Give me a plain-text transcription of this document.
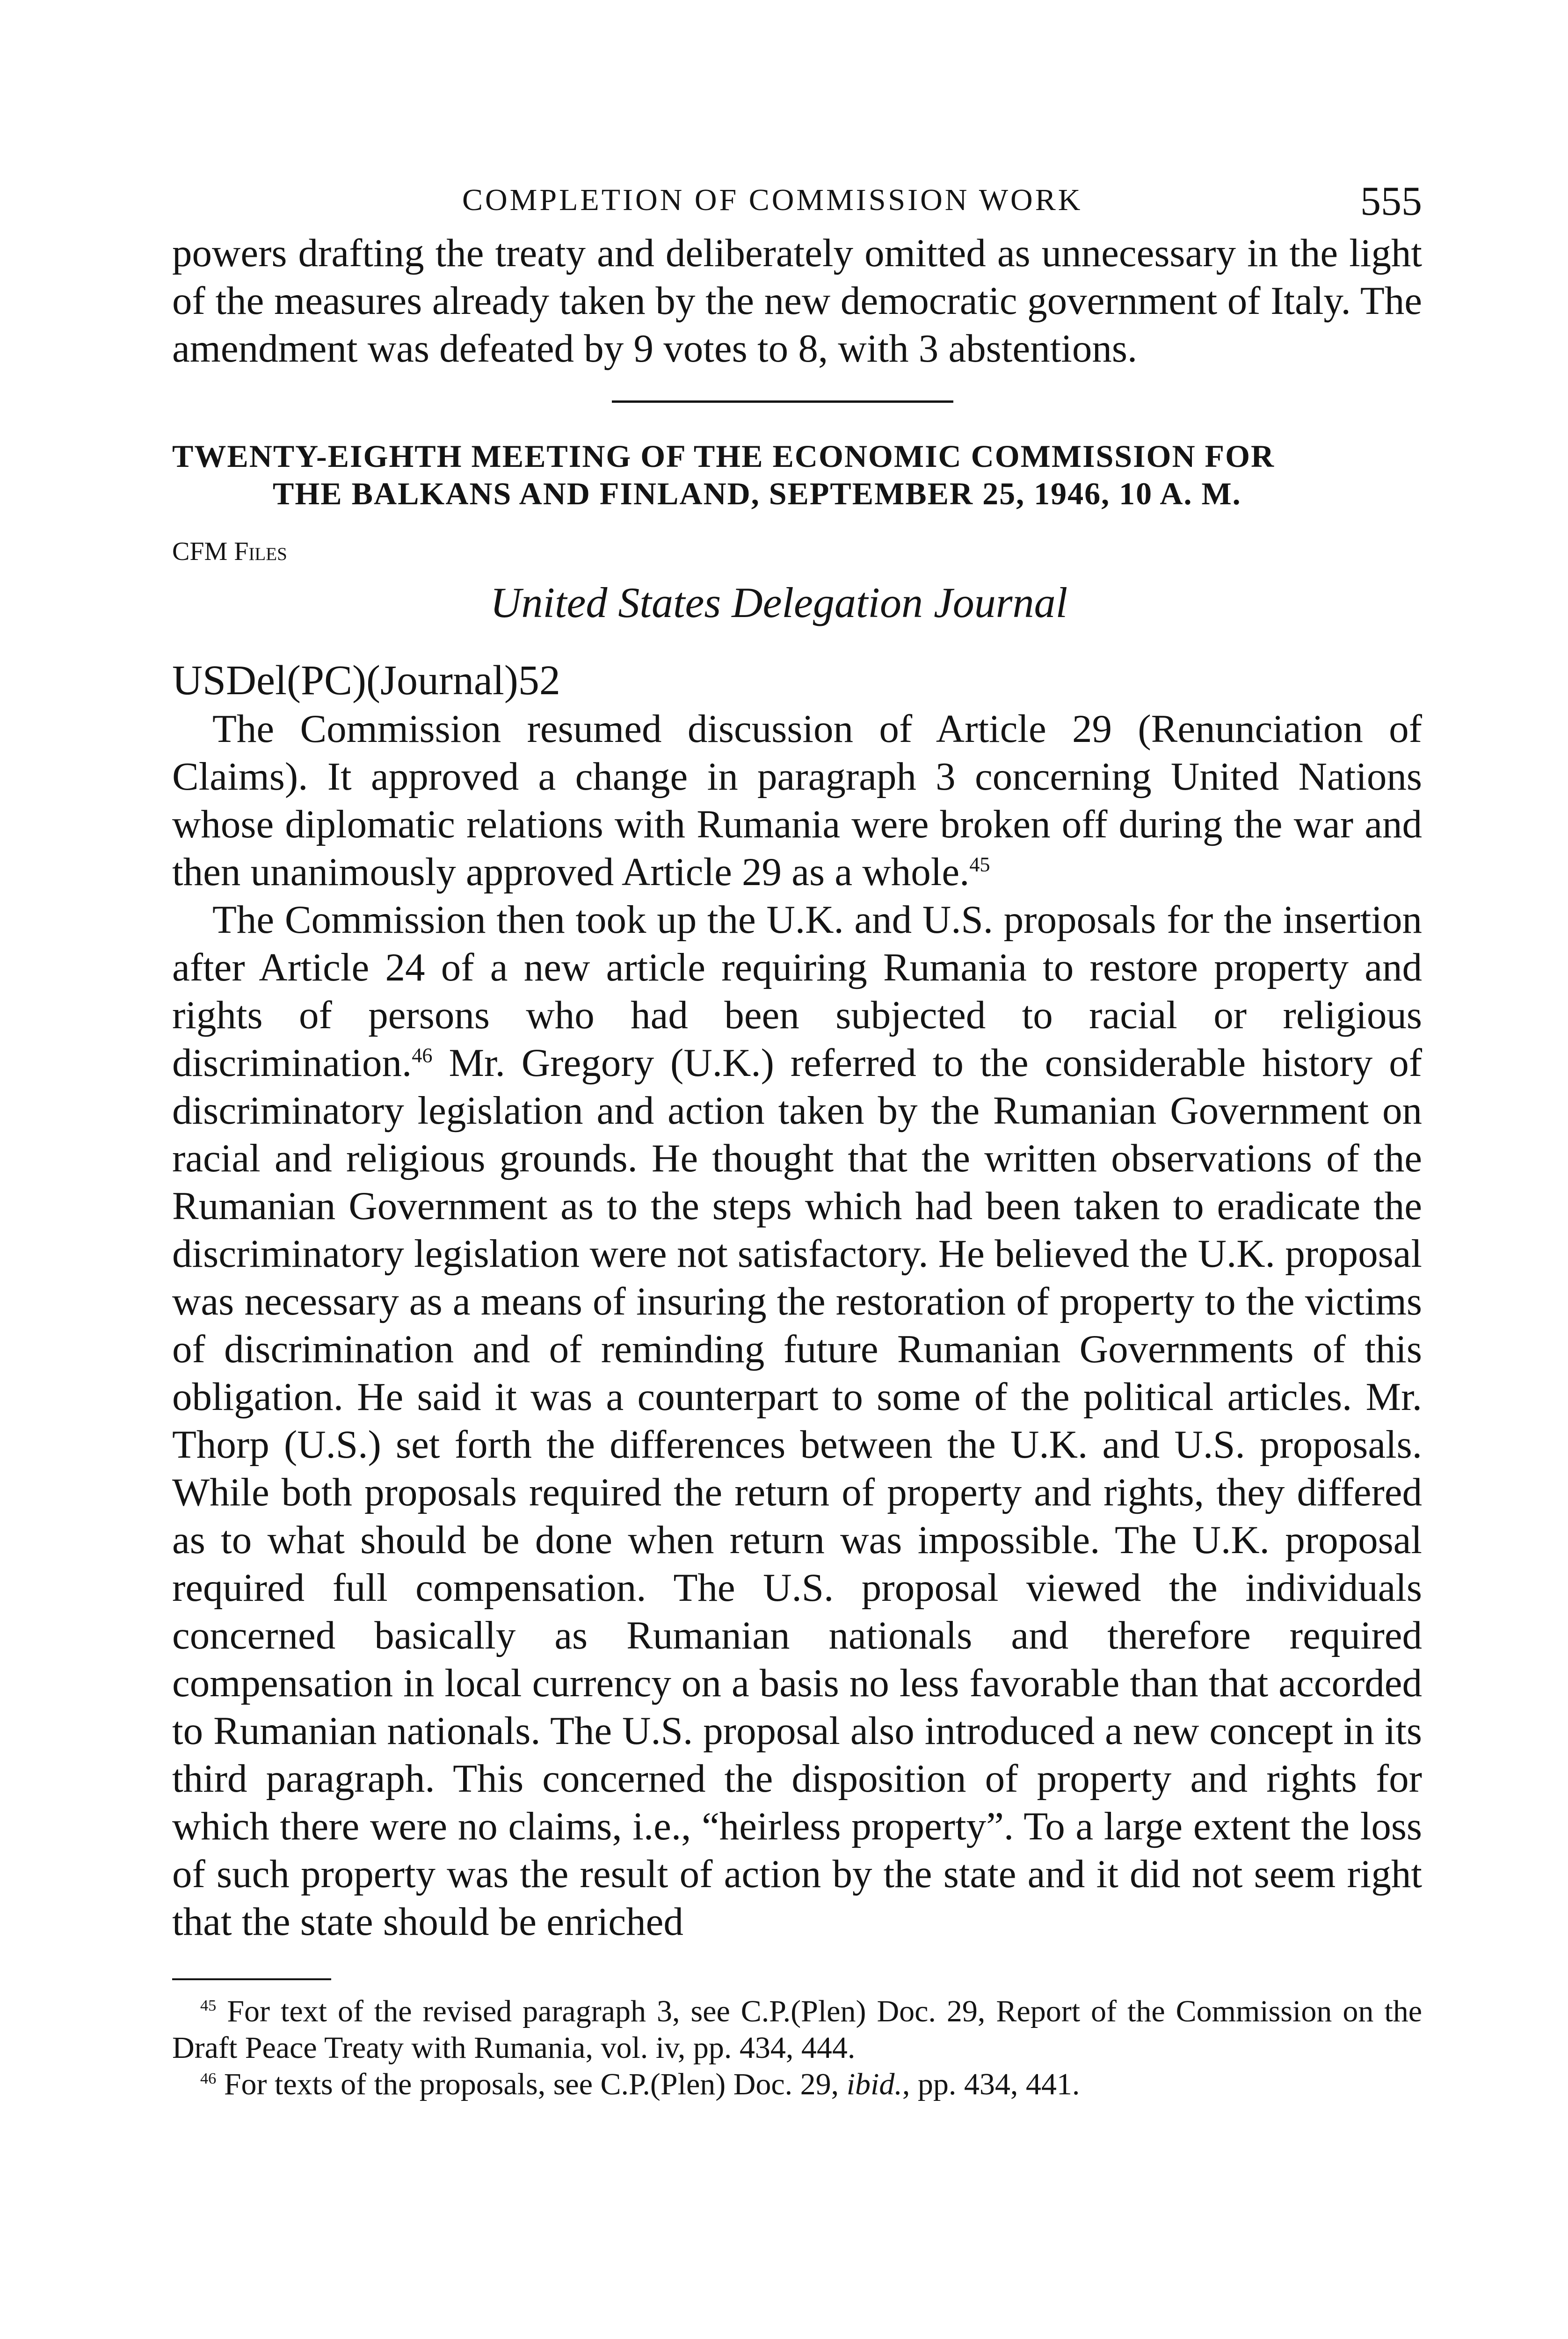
COMPLETION OF COMMISSION WORK	555

powers drafting the treaty and deliberately omitted as unnecessary in the light of the measures already taken by the new democratic government of Italy. The amendment was defeated by 9 votes to 8, with 3 abstentions.

TWENTY-EIGHTH MEETING OF THE ECONOMIC COMMISSION FOR
THE BALKANS AND FINLAND, SEPTEMBER 25, 1946, 10 A. M.
CFM Files
United States Delegation Journal
USDel(PC)(Journal)52

The Commission resumed discussion of Article 29 (Renunciation of Claims). It approved a change in paragraph 3 concerning United Nations whose diplomatic relations with Rumania were broken off during the war and then unanimously approved Article 29 as a whole.$^{45}$

The Commission then took up the U.K. and U.S. proposals for the insertion after Article 24 of a new article requiring Rumania to restore property and rights of persons who had been subjected to racial or religious discrimination.$^{46}$ Mr. Gregory (U.K.) referred to the considerable history of discriminatory legislation and action taken by the Rumanian Government on racial and religious grounds. He thought that the written observations of the Rumanian Government as to the steps which had been taken to eradicate the discriminatory legislation were not satisfactory. He believed the U.K. proposal was necessary as a means of insuring the restoration of property to the victims of discrimination and of reminding future Rumanian Governments of this obligation. He said it was a counterpart to some of the political articles. Mr. Thorp (U.S.) set forth the differences between the U.K. and U.S. proposals. While both proposals required the return of property and rights, they differed as to what should be done when return was impossible. The U.K. proposal required full compensation. The U.S. proposal viewed the individuals concerned basically as Rumanian nationals and therefore required compensation in local currency on a basis no less favorable than that accorded to Rumanian nationals. The U.S. proposal also introduced a new concept in its third paragraph. This concerned the disposition of property and rights for which there were no claims, i.e., “heirless property”. To a large extent the loss of such property was the result of action by the state and it did not seem right that the state should be enriched

$^{45}$ For text of the revised paragraph 3, see C.P.(Plen) Doc. 29, Report of the Commission on the Draft Peace Treaty with Rumania, vol. iv, pp. 434, 444.

$^{46}$ For texts of the proposals, see C.P.(Plen) Doc. 29, ibid., pp. 434, 441.
